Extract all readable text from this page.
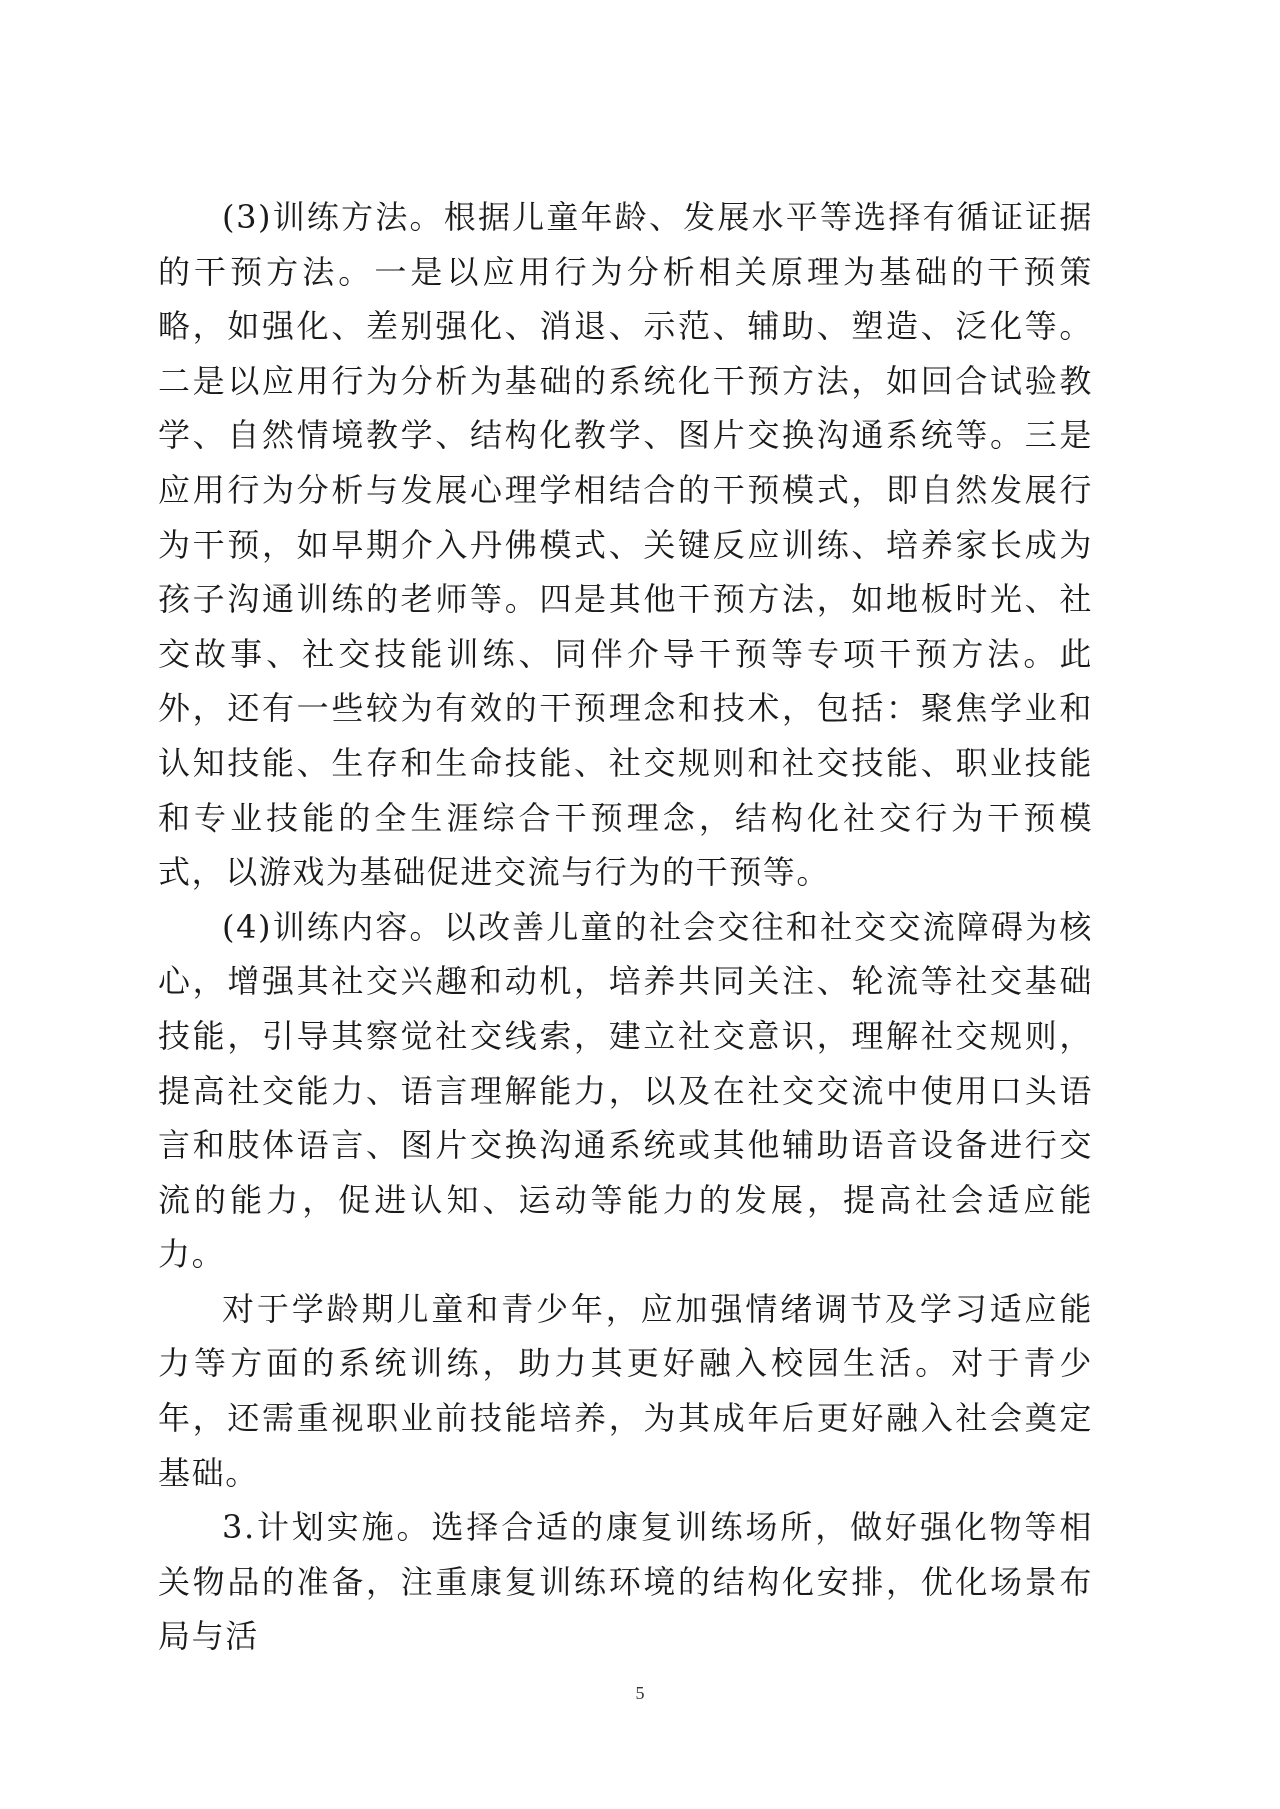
(3)训练方法。根据儿童年龄、发展水平等选择有循证证据的干预方法。一是以应用行为分析相关原理为基础的干预策略，如强化、差别强化、消退、示范、辅助、塑造、泛化等。二是以应用行为分析为基础的系统化干预方法，如回合试验教学、自然情境教学、结构化教学、图片交换沟通系统等。三是应用行为分析与发展心理学相结合的干预模式，即自然发展行为干预，如早期介入丹佛模式、关键反应训练、培养家长成为孩子沟通训练的老师等。四是其他干预方法，如地板时光、社交故事、社交技能训练、同伴介导干预等专项干预方法。此外，还有一些较为有效的干预理念和技术，包括：聚焦学业和认知技能、生存和生命技能、社交规则和社交技能、职业技能和专业技能的全生涯综合干预理念，结构化社交行为干预模式，以游戏为基础促进交流与行为的干预等。

(4)训练内容。以改善儿童的社会交往和社交交流障碍为核心，增强其社交兴趣和动机，培养共同关注、轮流等社交基础技能，引导其察觉社交线索，建立社交意识，理解社交规则，提高社交能力、语言理解能力，以及在社交交流中使用口头语言和肢体语言、图片交换沟通系统或其他辅助语音设备进行交流的能力，促进认知、运动等能力的发展，提高社会适应能力。

对于学龄期儿童和青少年，应加强情绪调节及学习适应能力等方面的系统训练，助力其更好融入校园生活。对于青少年，还需重视职业前技能培养，为其成年后更好融入社会奠定基础。

3.计划实施。选择合适的康复训练场所，做好强化物等相关物品的准备，注重康复训练环境的结构化安排，优化场景布局与活

5
